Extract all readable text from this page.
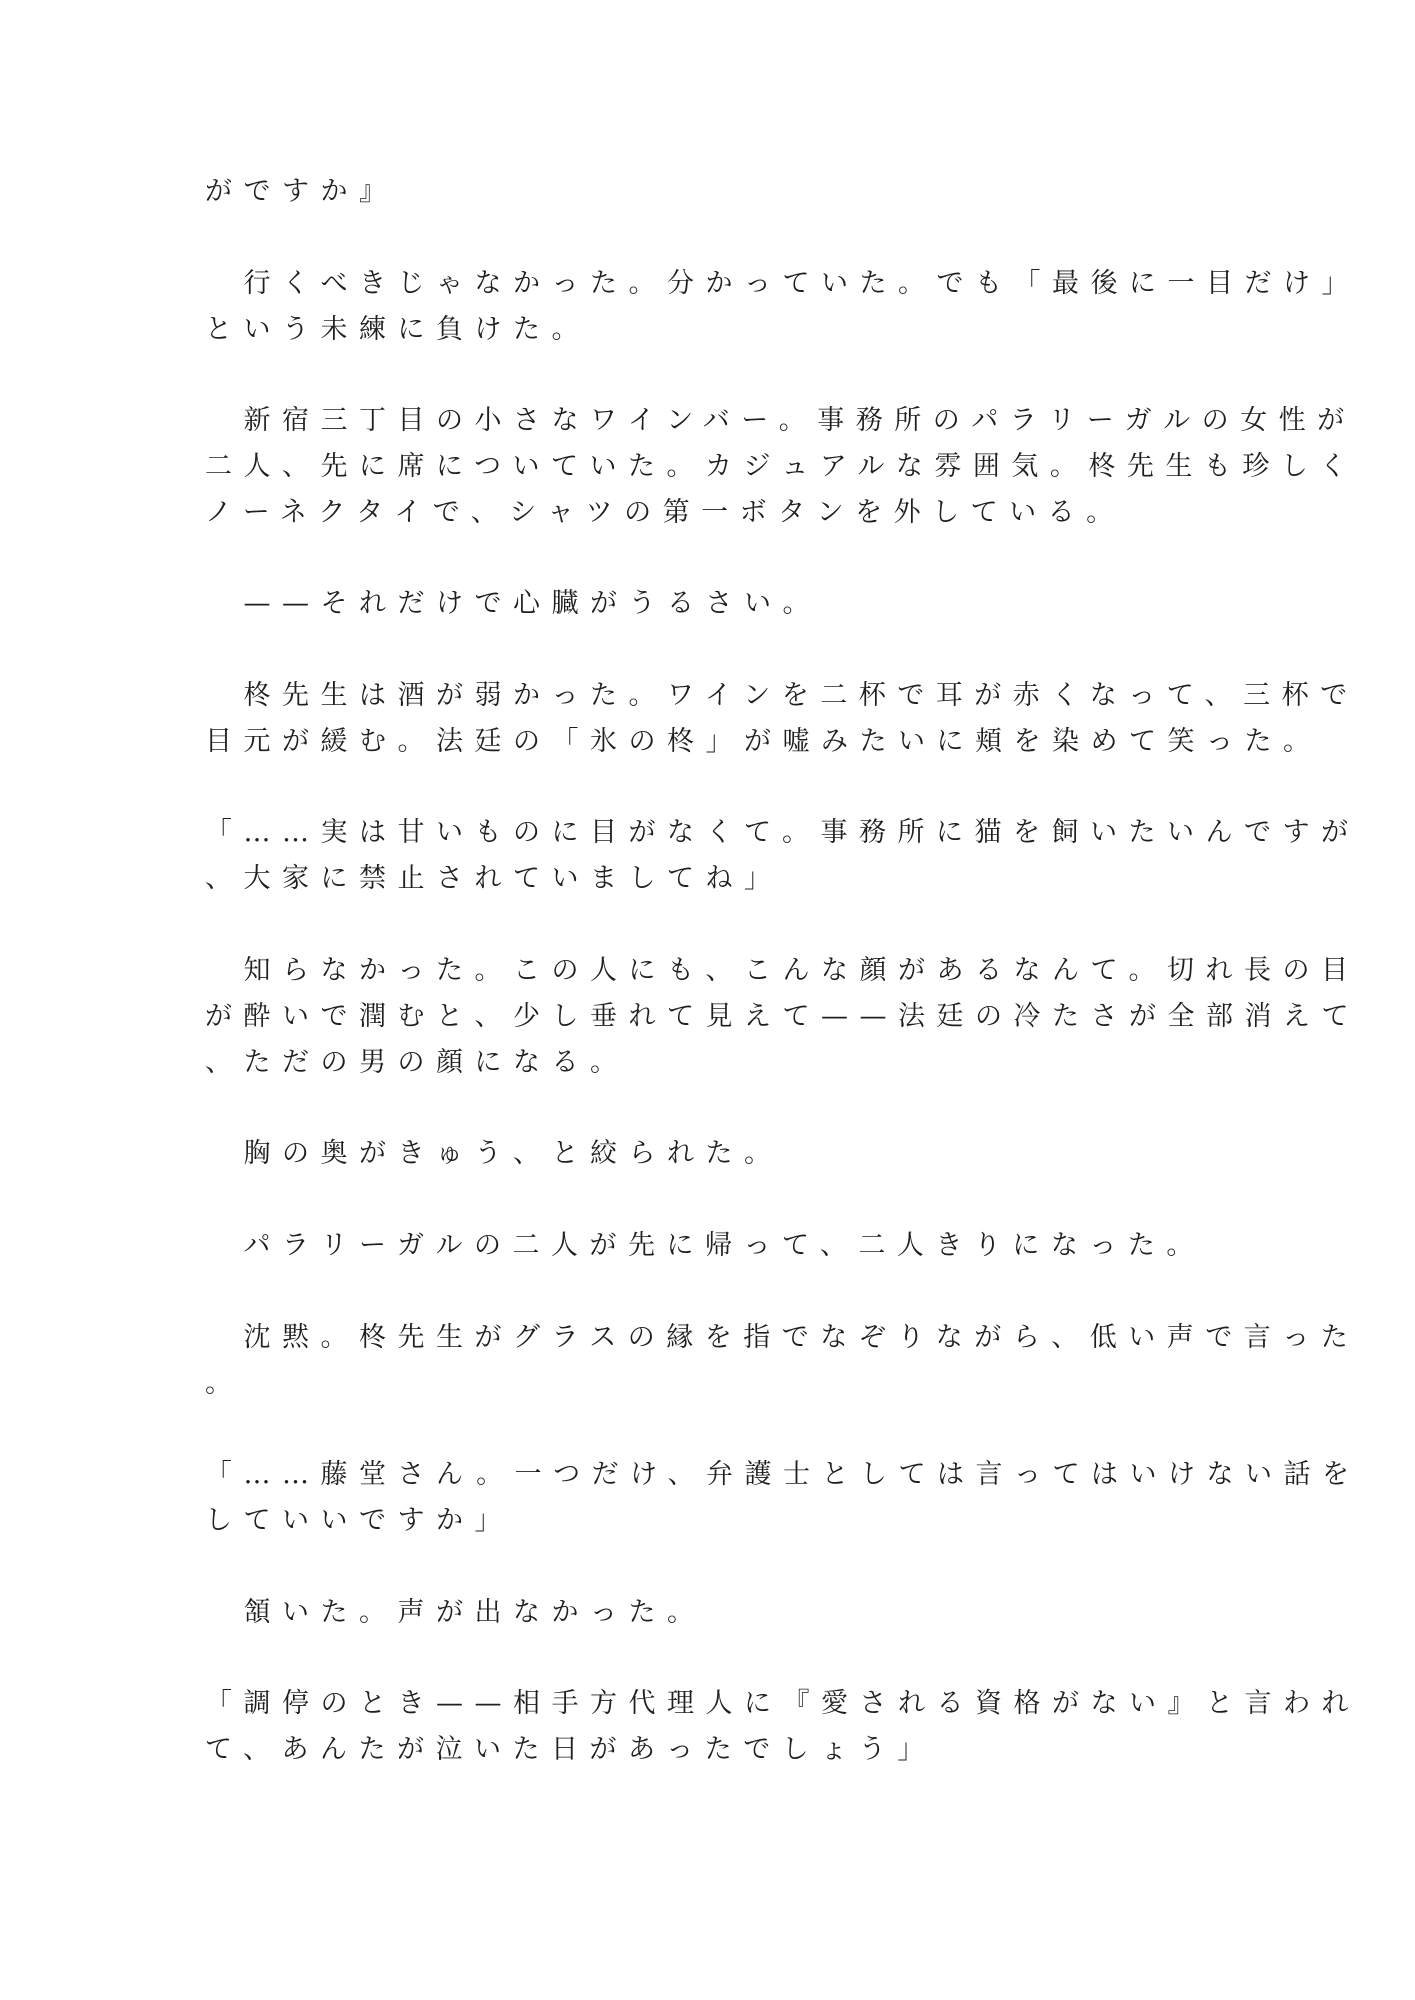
がですか』
　行くべきじゃなかった。分かっていた。でも「最後に一目だけ」
という未練に負けた。
　新宿三丁目の小さなワインバー。事務所のパラリーガルの女性が
二人、先に席についていた。カジュアルな雰囲気。柊先生も珍しく
ノーネクタイで、シャツの第一ボタンを外している。
　——それだけで心臓がうるさい。
　柊先生は酒が弱かった。ワインを二杯で耳が赤くなって、三杯で
目元が緩む。法廷の「氷の柊」が嘘みたいに頬を染めて笑った。
「……実は甘いものに目がなくて。事務所に猫を飼いたいんですが
、大家に禁止されていましてね」
　知らなかった。この人にも、こんな顔があるなんて。切れ長の目
が酔いで潤むと、少し垂れて見えて——法廷の冷たさが全部消えて
、ただの男の顔になる。
　胸の奥がきゅう、と絞られた。
　パラリーガルの二人が先に帰って、二人きりになった。
　沈黙。柊先生がグラスの縁を指でなぞりながら、低い声で言った
。
「……藤堂さん。一つだけ、弁護士としては言ってはいけない話を
していいですか」
　頷いた。声が出なかった。
「調停のとき——相手方代理人に『愛される資格がない』と言われ
て、あんたが泣いた日があったでしょう」
